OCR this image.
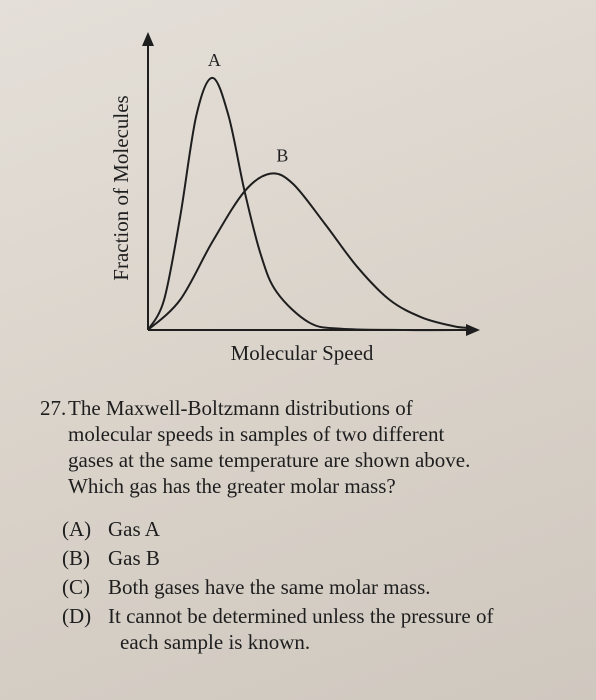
A
B
Molecular Speed
Fraction of Molecules
27. The Maxwell-Boltzmann distributions of
molecular speeds in samples of two different
gases at the same temperature are shown above.
Which gas has the greater molar mass?
(A) Gas A
(B) Gas B
(C) Both gases have the same molar mass.
(D) It cannot be determined unless the pressure of
each sample is known.
